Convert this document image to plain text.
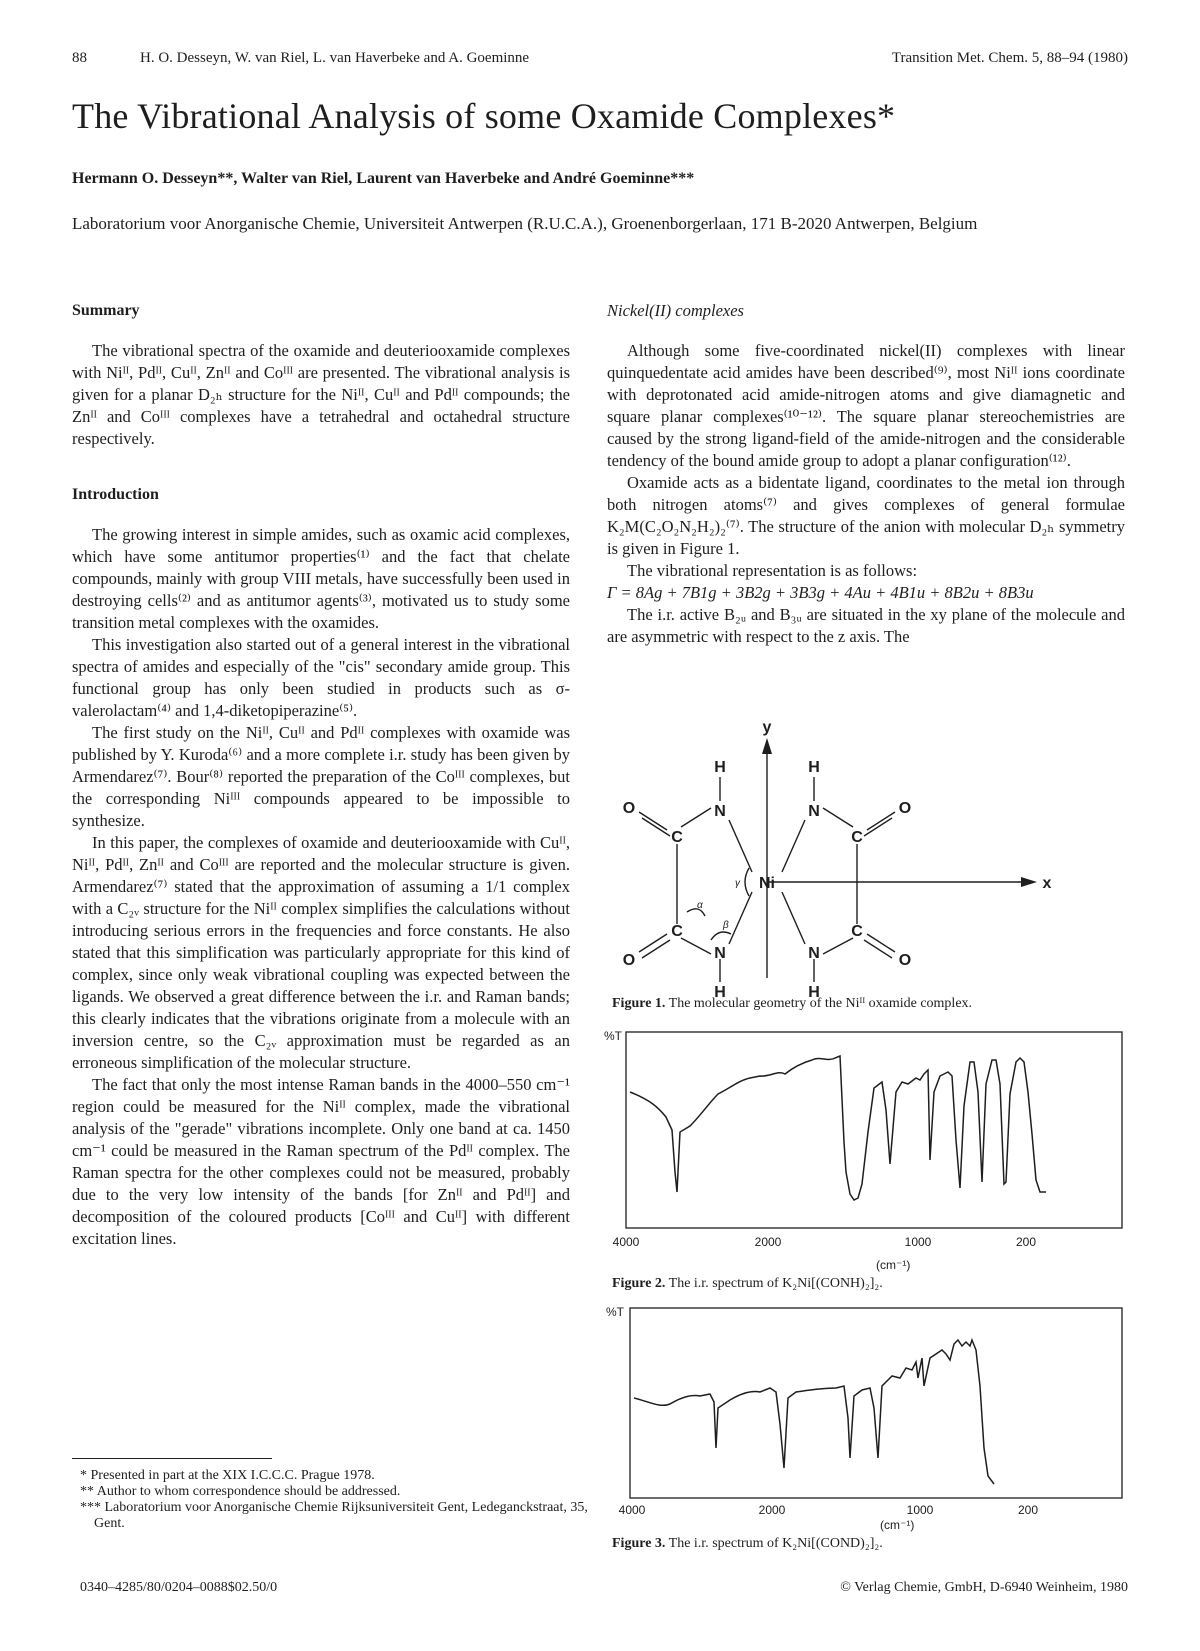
88	H. O. Desseyn, W. van Riel, L. van Haverbeke and A. Goeminne	Transition Met. Chem. 5, 88–94 (1980)
The Vibrational Analysis of some Oxamide Complexes*
Hermann O. Desseyn**, Walter van Riel, Laurent van Haverbeke and André Goeminne***
Laboratorium voor Anorganische Chemie, Universiteit Antwerpen (R.U.C.A.), Groenenborgerlaan, 171 B-2020 Antwerpen, Belgium
Summary

The vibrational spectra of the oxamide and deuteriooxamide complexes with Niᴵᴵ, Pdᴵᴵ, Cuᴵᴵ, Znᴵᴵ and Coᴵᴵᴵ are presented. The vibrational analysis is given for a planar D₂ₕ structure for the Niᴵᴵ, Cuᴵᴵ and Pdᴵᴵ compounds; the Znᴵᴵ and Coᴵᴵᴵ complexes have a tetrahedral and octahedral structure respectively.

Introduction

The growing interest in simple amides, such as oxamic acid complexes, which have some antitumor properties⁽¹⁾ and the fact that chelate compounds, mainly with group VIII metals, have successfully been used in destroying cells⁽²⁾ and as antitumor agents⁽³⁾, motivated us to study some transition metal complexes with the oxamides.

This investigation also started out of a general interest in the vibrational spectra of amides and especially of the "cis" secondary amide group. This functional group has only been studied in products such as σ-valerolactam⁽⁴⁾ and 1,4-diketopiperazine⁽⁵⁾.

The first study on the Niᴵᴵ, Cuᴵᴵ and Pdᴵᴵ complexes with oxamide was published by Y. Kuroda⁽⁶⁾ and a more complete i.r. study has been given by Armendarez⁽⁷⁾. Bour⁽⁸⁾ reported the preparation of the Coᴵᴵᴵ complexes, but the corresponding Niᴵᴵᴵ compounds appeared to be impossible to synthesize.

In this paper, the complexes of oxamide and deuteriooxamide with Cuᴵᴵ, Niᴵᴵ, Pdᴵᴵ, Znᴵᴵ and Coᴵᴵᴵ are reported and the molecular structure is given. Armendarez⁽⁷⁾ stated that the approximation of assuming a 1/1 complex with a C₂ᵥ structure for the Niᴵᴵ complex simplifies the calculations without introducing serious errors in the frequencies and force constants. He also stated that this simplification was particularly appropriate for this kind of complex, since only weak vibrational coupling was expected between the ligands. We observed a great difference between the i.r. and Raman bands; this clearly indicates that the vibrations originate from a molecule with an inversion centre, so the C₂ᵥ approximation must be regarded as an erroneous simplification of the molecular structure.

The fact that only the most intense Raman bands in the 4000–550 cm⁻¹ region could be measured for the Niᴵᴵ complex, made the vibrational analysis of the "gerade" vibrations incomplete. Only one band at ca. 1450 cm⁻¹ could be measured in the Raman spectrum of the Pdᴵᴵ complex. The Raman spectra for the other complexes could not be measured, probably due to the very low intensity of the bands [for Znᴵᴵ and Pdᴵᴵ] and decomposition of the coloured products [Coᴵᴵᴵ and Cuᴵᴵ] with different excitation lines.

Nickel(II) complexes

Although some five-coordinated nickel(II) complexes with linear quinquedentate acid amides have been described⁽⁹⁾, most Niᴵᴵ ions coordinate with deprotonated acid amide-nitrogen atoms and give diamagnetic and square planar complexes⁽¹⁰⁻¹²⁾. The square planar stereochemistries are caused by the strong ligand-field of the amide-nitrogen and the considerable tendency of the bound amide group to adopt a planar configuration⁽¹²⁾.

Oxamide acts as a bidentate ligand, coordinates to the metal ion through both nitrogen atoms⁽⁷⁾ and gives complexes of general formulae K₂M(C₂O₂N₂H₂)₂⁽⁷⁾. The structure of the anion with molecular D₂ₕ symmetry is given in Figure 1.

The vibrational representation is as follows:

Γ = 8Ag + 7B1g + 3B2g + 3B3g + 4Au + 4B1u + 8B2u + 8B3u

The i.r. active B₂ᵤ and B₃ᵤ are situated in the xy plane of the molecule and are asymmetric with respect to the z axis. The

y
x
Ni
H	H
H	H
N	N
N	N
C	C
C	C
O	O
O	O
α
β
γ
Figure 1. The molecular geometry of the Niᴵᴵ oxamide complex.
%T
4000	2000	1000	200
(cm⁻¹)
Figure 2. The i.r. spectrum of K₂Ni[(CONH)₂]₂.
%T
4000	2000	1000	200
(cm⁻¹)
Figure 3. The i.r. spectrum of K₂Ni[(COND)₂]₂.
* Presented in part at the XIX I.C.C.C. Prague 1978.
** Author to whom correspondence should be addressed.
*** Laboratorium voor Anorganische Chemie Rijksuniversiteit Gent, Ledeganckstraat, 35, Gent.
0340–4285/80/0204–0088$02.50/0	© Verlag Chemie, GmbH, D-6940 Weinheim, 1980
